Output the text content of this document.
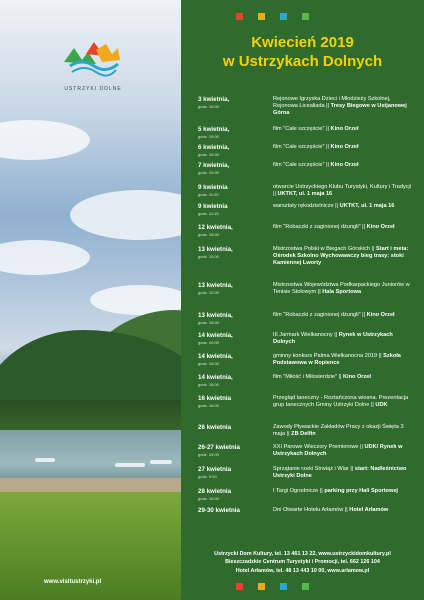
USTRZYKI DOLNE
www.visitustrzyki.pl
Kwiecień 2019
w Ustrzykach Dolnych
3 kwietnia,
godz. 10:00
Rejonowe Igrzyska Dzieci i Młodzieży Szkolnej, Rejonowa Licealiada || Tresy Biegowe w Ustjanowej Górna
5 kwietnia,
godz. 19:00
film "Całe szczęście" || Kino Orzeł
6 kwietnia,
godz. 19:00
film "Całe szczęście" || Kino Orzeł
7 kwietnia,
godz. 19:00
film "Całe szczęście" || Kino Orzeł
9 kwietnia
godz. 11:00
otwarcie Ustrzyckiego Klubu Turystyki, Kultury i Tradycji || UKTKT, ul. 1 maja 16
9 kwietnia
godz. 11:15
warsztaty rękodzielnicze || UKTKT, ul. 1 maja 16
12 kwietnia,
godz. 18:00
film "Robaczki z zaginionej dżungli" || Kino Orzeł
13 kwietnia,
godz. 10:00
Mistrzostwa Polski w Biegach Górskich || Start i meta: Ośrodek Szkolno Wychowawczy bieg trasy: stoki Kamiennej Lworty
13 kwietnia,
godz. 10:00
Mistrzostwa Województwa Podkarpackiego Juniorów w Tenisie Stołowym || Hala Sportowa
13 kwietnia,
godz. 18:00
film "Robaczki z zaginionej dżungli" || Kino Orzeł
14 kwietnia,
godz. 10:00
III Jarmark Wielkanocny || Rynek w Ustrzykach Dolnych
14 kwietnia,
godz. 15:00
gminny konkurs Palma Wielkanocna 2019 || Szkoła Podstawowa w Ropience
14 kwietnia,
godz. 18:00
film "Miłość i Miłosierdzie" || Kino Orzeł
16 kwietnia
godz. 16:00
Przegląd taneczny - Roztańczona wiosna. Prezentacja grup tanecznych Gminy Ustrzyki Dolne || UDK
26 kwietnia	Zawody Pływackie Zakładów Pracy z okazji Święta 3 maja || ZB Delfin
26-27 kwietnia
godz. 19:00
XXI Parowe Wieczory Premierowe || UDK/ Rynek w Ustrzykach Dolnych
27 kwietnia
godz. 9:00
Sprzątanie rzeki Strwiąż i Wiar || start: Nadleśnictwo Ustrzyki Dolne
28 kwietnia
godz. 10:00
I Targi Ogrodnicze || parking przy Hali Sportowej
29-30 kwietnia	Dni Otwarte Hotelu Arłamów || Hotel Arłamów
Ustrzycki Dom Kultury, tel. 13 461 13 22, www.ustrzyckidomkultury.pl
Bieszczadzkie Centrum Turystyki i Promocji, tel. 662 126 104
Hotel Arłamów, tel. 48 13 443 10 00, www.arlamow.pl
